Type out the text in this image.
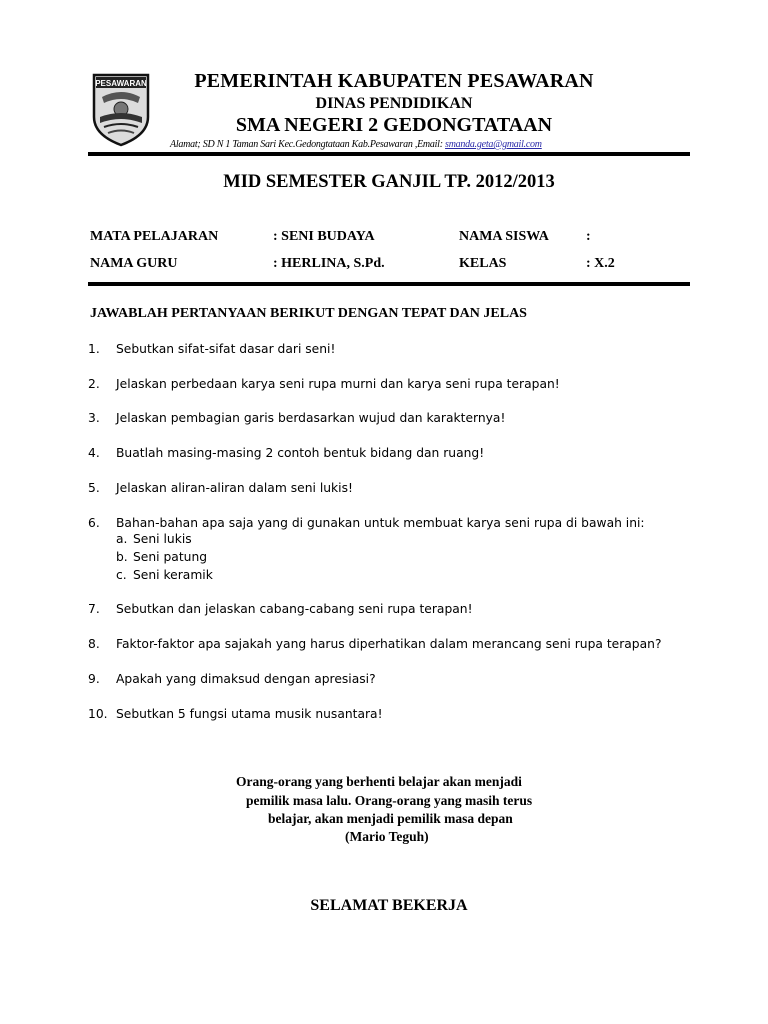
PESAWARAN	PEMERINTAH KABUPATEN PESAWARAN
DINAS PENDIDIKAN
SMA NEGERI 2 GEDONGTATAAN
Alamat; SD N 1 Taman Sari Kec.Gedongtataan Kab.Pesawaran ,Email: smanda.geta@gmail.com
MID SEMESTER GANJIL TP. 2012/2013
MATA PELAJARAN	: SENI BUDAYA	NAMA SISWA	:
NAMA GURU	: HERLINA, S.Pd.	KELAS	: X.2
JAWABLAH PERTANYAAN BERIKUT DENGAN TEPAT DAN JELAS
1. Sebutkan sifat-sifat dasar dari seni!
2. Jelaskan perbedaan karya seni rupa murni dan karya seni rupa terapan!
3. Jelaskan pembagian garis berdasarkan wujud dan karakternya!
4. Buatlah masing-masing 2 contoh bentuk bidang dan ruang!
5. Jelaskan aliran-aliran dalam seni lukis!
6. Bahan-bahan apa saja yang di gunakan untuk membuat karya seni rupa di bawah ini:
a. Seni lukis
b. Seni patung
c. Seni keramik
7. Sebutkan dan jelaskan cabang-cabang seni rupa terapan!
8. Faktor-faktor apa sajakah yang harus diperhatikan dalam merancang seni rupa terapan?
9. Apakah yang dimaksud dengan apresiasi?
10. Sebutkan 5 fungsi utama musik nusantara!
Orang-orang yang berhenti belajar akan menjadi
pemilik masa lalu. Orang-orang yang masih terus
belajar, akan menjadi pemilik masa depan
(Mario Teguh)
SELAMAT BEKERJA
